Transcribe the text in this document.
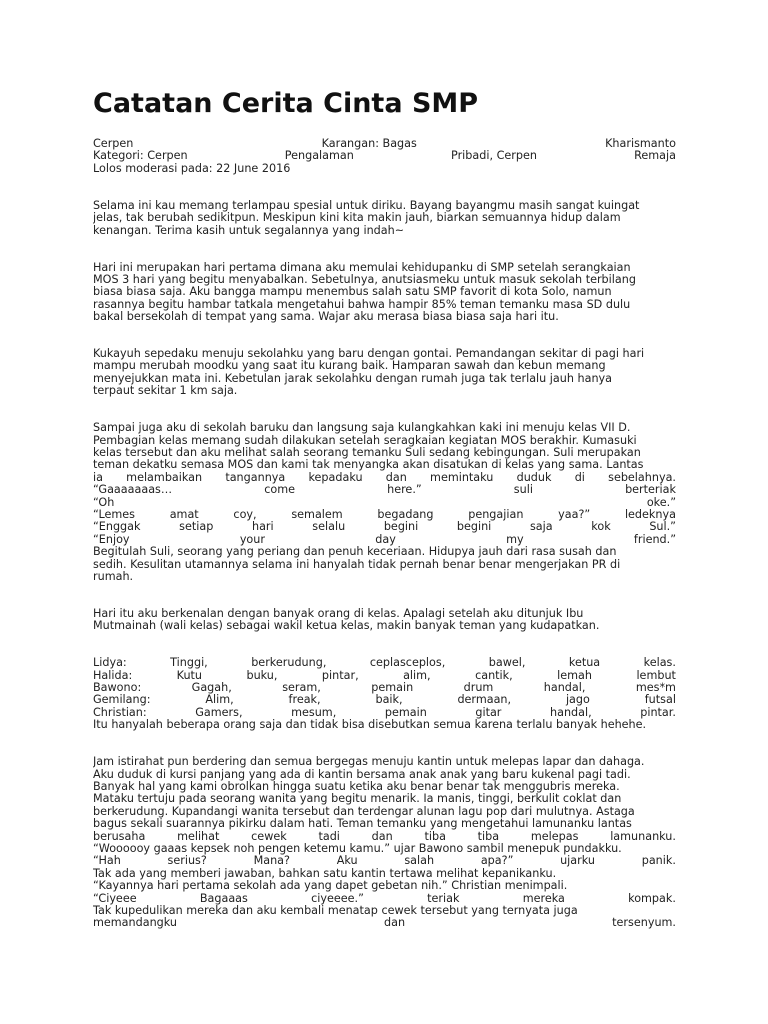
Catatan Cerita Cinta SMP
Cerpen	Karangan: Bagas	Kharismanto
Kategori: Cerpen	Pengalaman	Pribadi, Cerpen	Remaja
Lolos moderasi pada: 22 June 2016
Selama ini kau memang terlampau spesial untuk diriku. Bayang bayangmu masih sangat kuingat
jelas, tak berubah sedikitpun. Meskipun kini kita makin jauh, biarkan semuannya hidup dalam
kenangan. Terima kasih untuk segalannya yang indah~
Hari ini merupakan hari pertama dimana aku memulai kehidupanku di SMP setelah serangkaian
MOS 3 hari yang begitu menyabalkan. Sebetulnya, anutsiasmeku untuk masuk sekolah terbilang
biasa biasa saja. Aku bangga mampu menembus salah satu SMP favorit di kota Solo, namun
rasannya begitu hambar tatkala mengetahui bahwa hampir 85% teman temanku masa SD dulu
bakal bersekolah di tempat yang sama. Wajar aku merasa biasa biasa saja hari itu.
Kukayuh sepedaku menuju sekolahku yang baru dengan gontai. Pemandangan sekitar di pagi hari
mampu merubah moodku yang saat itu kurang baik. Hamparan sawah dan kebun memang
menyejukkan mata ini. Kebetulan jarak sekolahku dengan rumah juga tak terlalu jauh hanya
terpaut sekitar 1 km saja.
Sampai juga aku di sekolah baruku dan langsung saja kulangkahkan kaki ini menuju kelas VII D.
Pembagian kelas memang sudah dilakukan setelah seragkaian kegiatan MOS berakhir. Kumasuki
kelas tersebut dan aku melihat salah seorang temanku Suli sedang kebingungan. Suli merupakan
teman dekatku semasa MOS dan kami tak menyangka akan disatukan di kelas yang sama. Lantas
ia melambaikan tangannya kepadaku dan memintaku duduk di sebelahnya.
“Gaaaaaaas…	come	here.”	suli	berteriak
“Oh	oke.”
“Lemes	amat	coy,	semalem	begadang	pengajian	yaa?”	ledeknya
“Enggak	setiap	hari	selalu	begini	begini	saja	kok	Sul.”
“Enjoy	your	day	my	friend.”
Begitulah Suli, seorang yang periang dan penuh keceriaan. Hidupya jauh dari rasa susah dan
sedih. Kesulitan utamannya selama ini hanyalah tidak pernah benar benar mengerjakan PR di
rumah.
Hari itu aku berkenalan dengan banyak orang di kelas. Apalagi setelah aku ditunjuk Ibu
Mutmainah (wali kelas) sebagai wakil ketua kelas, makin banyak teman yang kudapatkan.
Lidya:	Tinggi,	berkerudung,	ceplasceplos,	bawel,	ketua	kelas.
Halida:	Kutu	buku,	pintar,	alim,	cantik,	lemah	lembut
Bawono:	Gagah,	seram,	pemain	drum	handal,	mes*m
Gemilang:	Alim,	freak,	baik,	dermaan,	jago	futsal
Christian:	Gamers,	mesum,	pemain	gitar	handal,	pintar.
Itu hanyalah beberapa orang saja dan tidak bisa disebutkan semua karena terlalu banyak hehehe.
Jam istirahat pun berdering dan semua bergegas menuju kantin untuk melepas lapar dan dahaga.
Aku duduk di kursi panjang yang ada di kantin bersama anak anak yang baru kukenal pagi tadi.
Banyak hal yang kami obrolkan hingga suatu ketika aku benar benar tak menggubris mereka.
Mataku tertuju pada seorang wanita yang begitu menarik. Ia manis, tinggi, berkulit coklat dan
berkerudung. Kupandangi wanita tersebut dan terdengar alunan lagu pop dari mulutnya. Astaga
bagus sekali suarannya pikirku dalam hati. Teman temanku yang mengetahui lamunanku lantas
berusaha	melihat	cewek	tadi	dan	tiba	tiba	melepas	lamunanku.
“Woooooy gaaas kepsek noh pengen ketemu kamu.” ujar Bawono sambil menepuk pundakku.
“Hah	serius?	Mana?	Aku	salah	apa?”	ujarku	panik.
Tak ada yang memberi jawaban, bahkan satu kantin tertawa melihat kepanikanku.
“Kayannya hari pertama sekolah ada yang dapet gebetan nih.” Christian menimpali.
“Ciyeee	Bagaaas	ciyeeee.”	teriak	mereka	kompak.
Tak kupedulikan mereka dan aku kembali menatap cewek tersebut yang ternyata juga
memandangku	dan	tersenyum.
